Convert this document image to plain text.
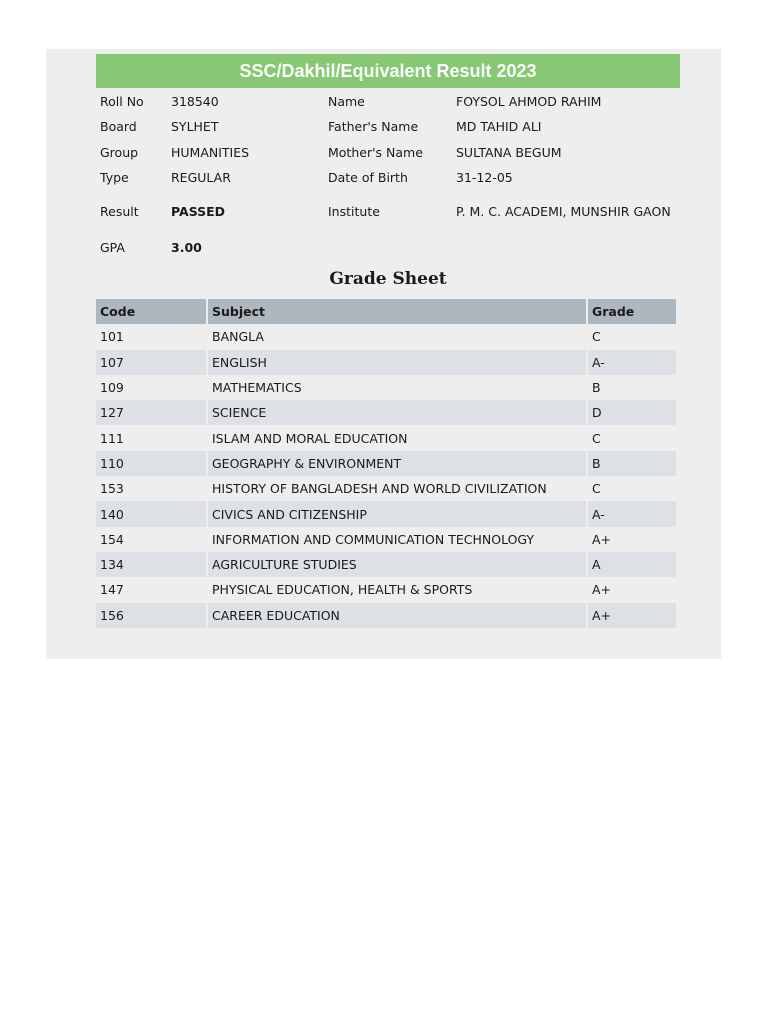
SSC/Dakhil/Equivalent Result 2023
Roll No	318540	Name	FOYSOL AHMOD RAHIM
Board	SYLHET	Father's Name	MD TAHID ALI
Group	HUMANITIES	Mother's Name	SULTANA BEGUM
Type	REGULAR	Date of Birth	31-12-05
Result	PASSED	Institute	P. M. C. ACADEMI, MUNSHIR GAON
GPA	3.00		
Grade Sheet
Code	Subject	Grade
101	BANGLA	C
107	ENGLISH	A-
109	MATHEMATICS	B
127	SCIENCE	D
111	ISLAM AND MORAL EDUCATION	C
110	GEOGRAPHY & ENVIRONMENT	B
153	HISTORY OF BANGLADESH AND WORLD CIVILIZATION	C
140	CIVICS AND CITIZENSHIP	A-
154	INFORMATION AND COMMUNICATION TECHNOLOGY	A+
134	AGRICULTURE STUDIES	A
147	PHYSICAL EDUCATION, HEALTH & SPORTS	A+
156	CAREER EDUCATION	A+
